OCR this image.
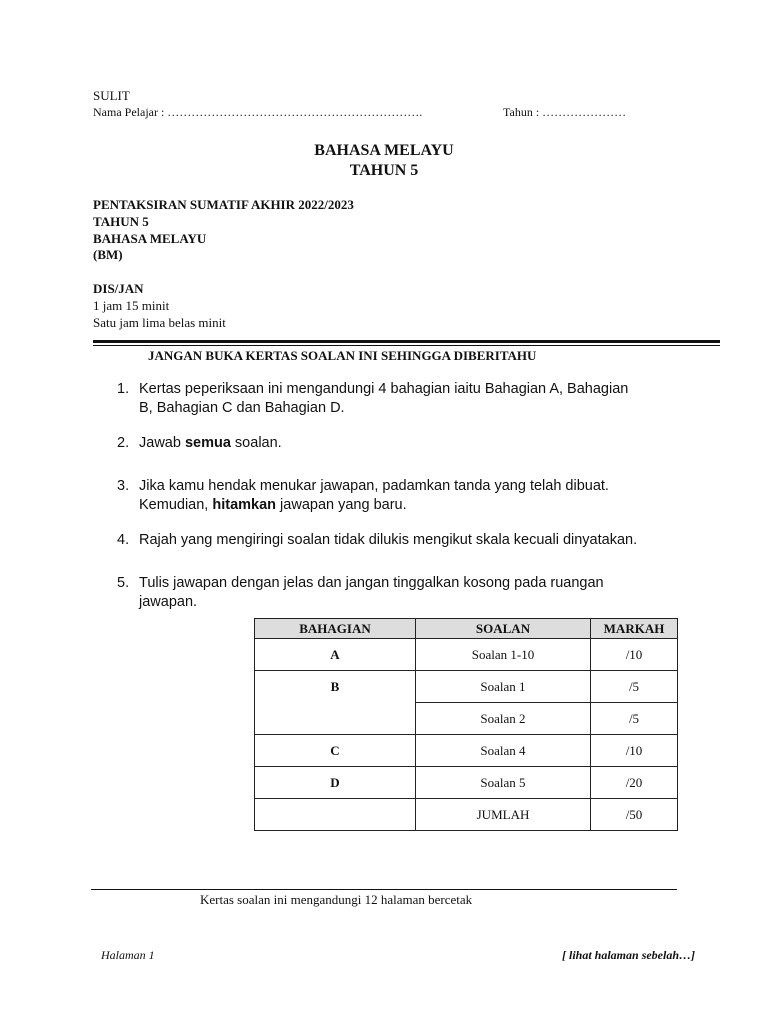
SULIT
Nama Pelajar : ……………………………………………………….	Tahun : …………………
BAHASA MELAYU
TAHUN 5
PENTAKSIRAN SUMATIF AKHIR 2022/2023
TAHUN 5
BAHASA MELAYU
(BM)
DIS/JAN
1 jam 15 minit
Satu jam lima belas minit
JANGAN BUKA KERTAS SOALAN INI SEHINGGA DIBERITAHU
1. Kertas peperiksaan ini mengandungi 4 bahagian iaitu Bahagian A, Bahagian
B, Bahagian C dan Bahagian D.
2. Jawab semua soalan.
3. Jika kamu hendak menukar jawapan, padamkan tanda yang telah dibuat.
Kemudian, hitamkan jawapan yang baru.
4. Rajah yang mengiringi soalan tidak dilukis mengikut skala kecuali dinyatakan.
5. Tulis jawapan dengan jelas dan jangan tinggalkan kosong pada ruangan
jawapan.
BAHAGIAN	SOALAN	MARKAH
A	Soalan 1-10	/10
B	Soalan 1	/5
	Soalan 2	/5
C	Soalan 4	/10
D	Soalan 5	/20
	JUMLAH	/50
Kertas soalan ini mengandungi 12 halaman bercetak
Halaman 1	[ lihat halaman sebelah…]
